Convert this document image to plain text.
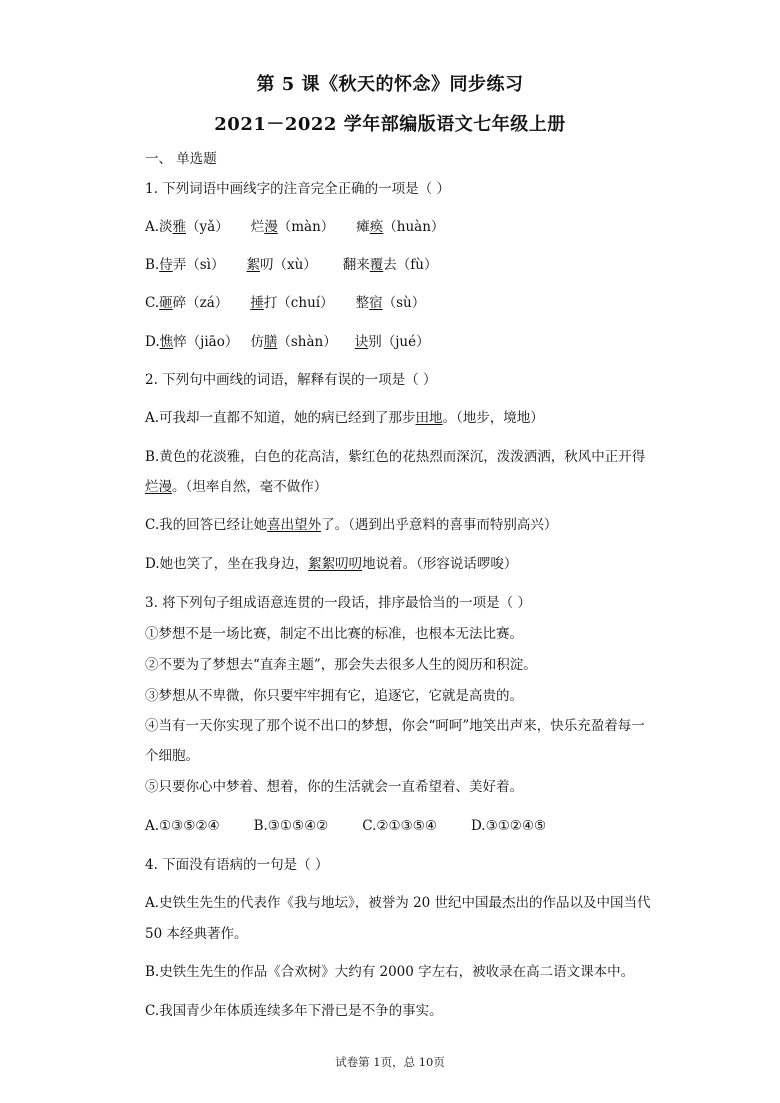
第 5 课《秋天的怀念》同步练习
2021－2022 学年部编版语文七年级上册
一、 单选题
1. 下列词语中画线字的注音完全正确的一项是（ ）
A.淡雅（yǎ） 烂漫（màn） 瘫痪（huàn）
B.侍弄（sì） 絮叨（xù） 翻来覆去（fù）
C.砸碎（zá） 捶打（chuí） 整宿（sù）
D.憔悴（jiāo） 仿膳（shàn） 诀别（jué）
2. 下列句中画线的词语，解释有误的一项是（ ）
A.可我却一直都不知道，她的病已经到了那步田地。（地步，境地）
B.黄色的花淡雅，白色的花高洁，紫红色的花热烈而深沉，泼泼洒洒，秋风中正开得
烂漫。（坦率自然，毫不做作）
C.我的回答已经让她喜出望外了。（遇到出乎意料的喜事而特别高兴）
D.她也笑了，坐在我身边，絮絮叨叨地说着。（形容说话啰唆）
3. 将下列句子组成语意连贯的一段话，排序最恰当的一项是（ ）
①梦想不是一场比赛，制定不出比赛的标准，也根本无法比赛。
②不要为了梦想去“直奔主题”，那会失去很多人生的阅历和积淀。
③梦想从不卑微，你只要牢牢拥有它，追逐它，它就是高贵的。
④当有一天你实现了那个说不出口的梦想，你会“呵呵”地笑出声来，快乐充盈着每一
个细胞。
⑤只要你心中梦着、想着，你的生活就会一直希望着、美好着。
A.①③⑤②④	B.③①⑤④②	C.②①③⑤④	D.③①②④⑤
4. 下面没有语病的一句是（ ）
A.史铁生先生的代表作《我与地坛》，被誉为 20 世纪中国最杰出的作品以及中国当代
50 本经典著作。
B.史铁生先生的作品《合欢树》大约有 2000 字左右，被收录在高二语文课本中。
C.我国青少年体质连续多年下滑已是不争的事实。
试卷第 1页，总 10页
